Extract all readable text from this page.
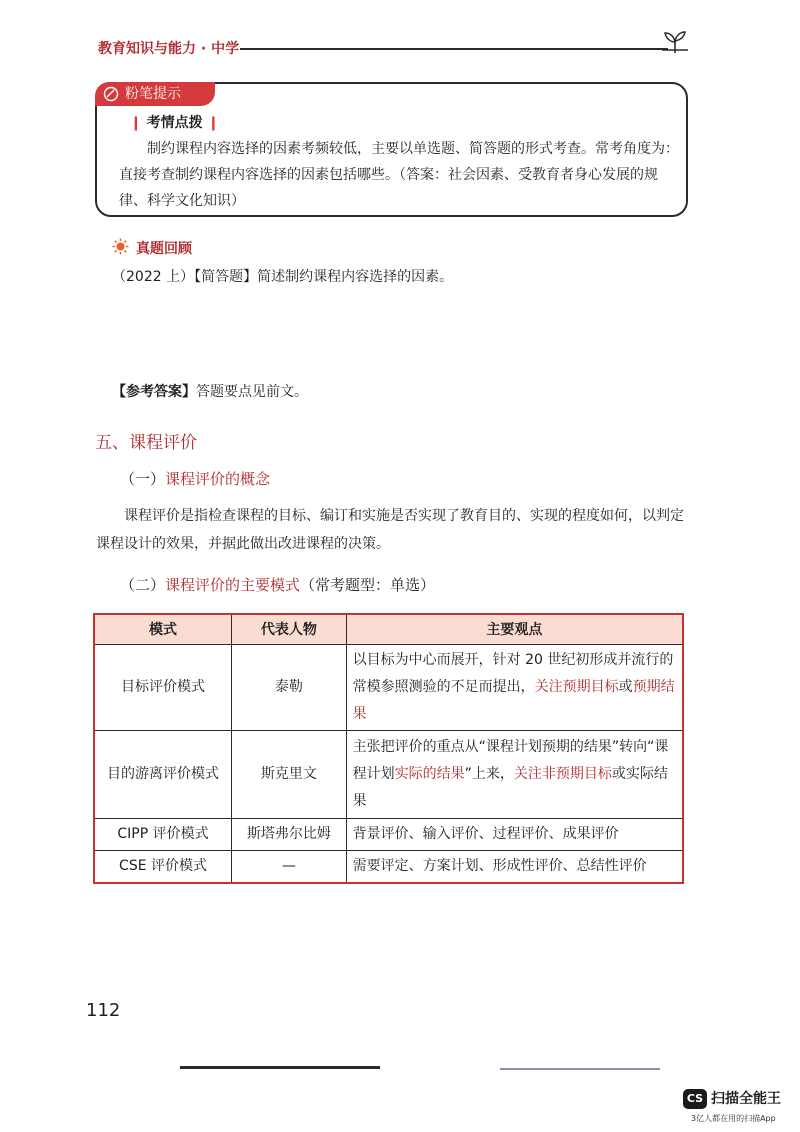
教育知识与能力 · 中学
粉笔提示
❙ 考情点拨 ❙

制约课程内容选择的因素考频较低，主要以单选题、简答题的形式考查。常考角度为：直接考查制约课程内容选择的因素包括哪些。（答案：社会因素、受教育者身心发展的规律、科学文化知识）

真题回顾
（2022 上）【简答题】简述制约课程内容选择的因素。
【参考答案】答题要点见前文。
五、课程评价
（一）课程评价的概念

课程评价是指检查课程的目标、编订和实施是否实现了教育目的、实现的程度如何，以判定课程设计的效果，并据此做出改进课程的决策。

（二）课程评价的主要模式（常考题型：单选）
模式	代表人物	主要观点
目标评价模式	泰勒	以目标为中心而展开，针对 20 世纪初形成并流行的常模参照测验的不足而提出，关注预期目标或预期结果
目的游离评价模式	斯克里文	主张把评价的重点从“课程计划预期的结果”转向“课程计划实际的结果”上来，关注非预期目标或实际结果
CIPP 评价模式	斯塔弗尔比姆	背景评价、输入评价、过程评价、成果评价
CSE 评价模式	—	需要评定、方案计划、形成性评价、总结性评价
112
CS 扫描全能王
3亿人都在用的扫描App
